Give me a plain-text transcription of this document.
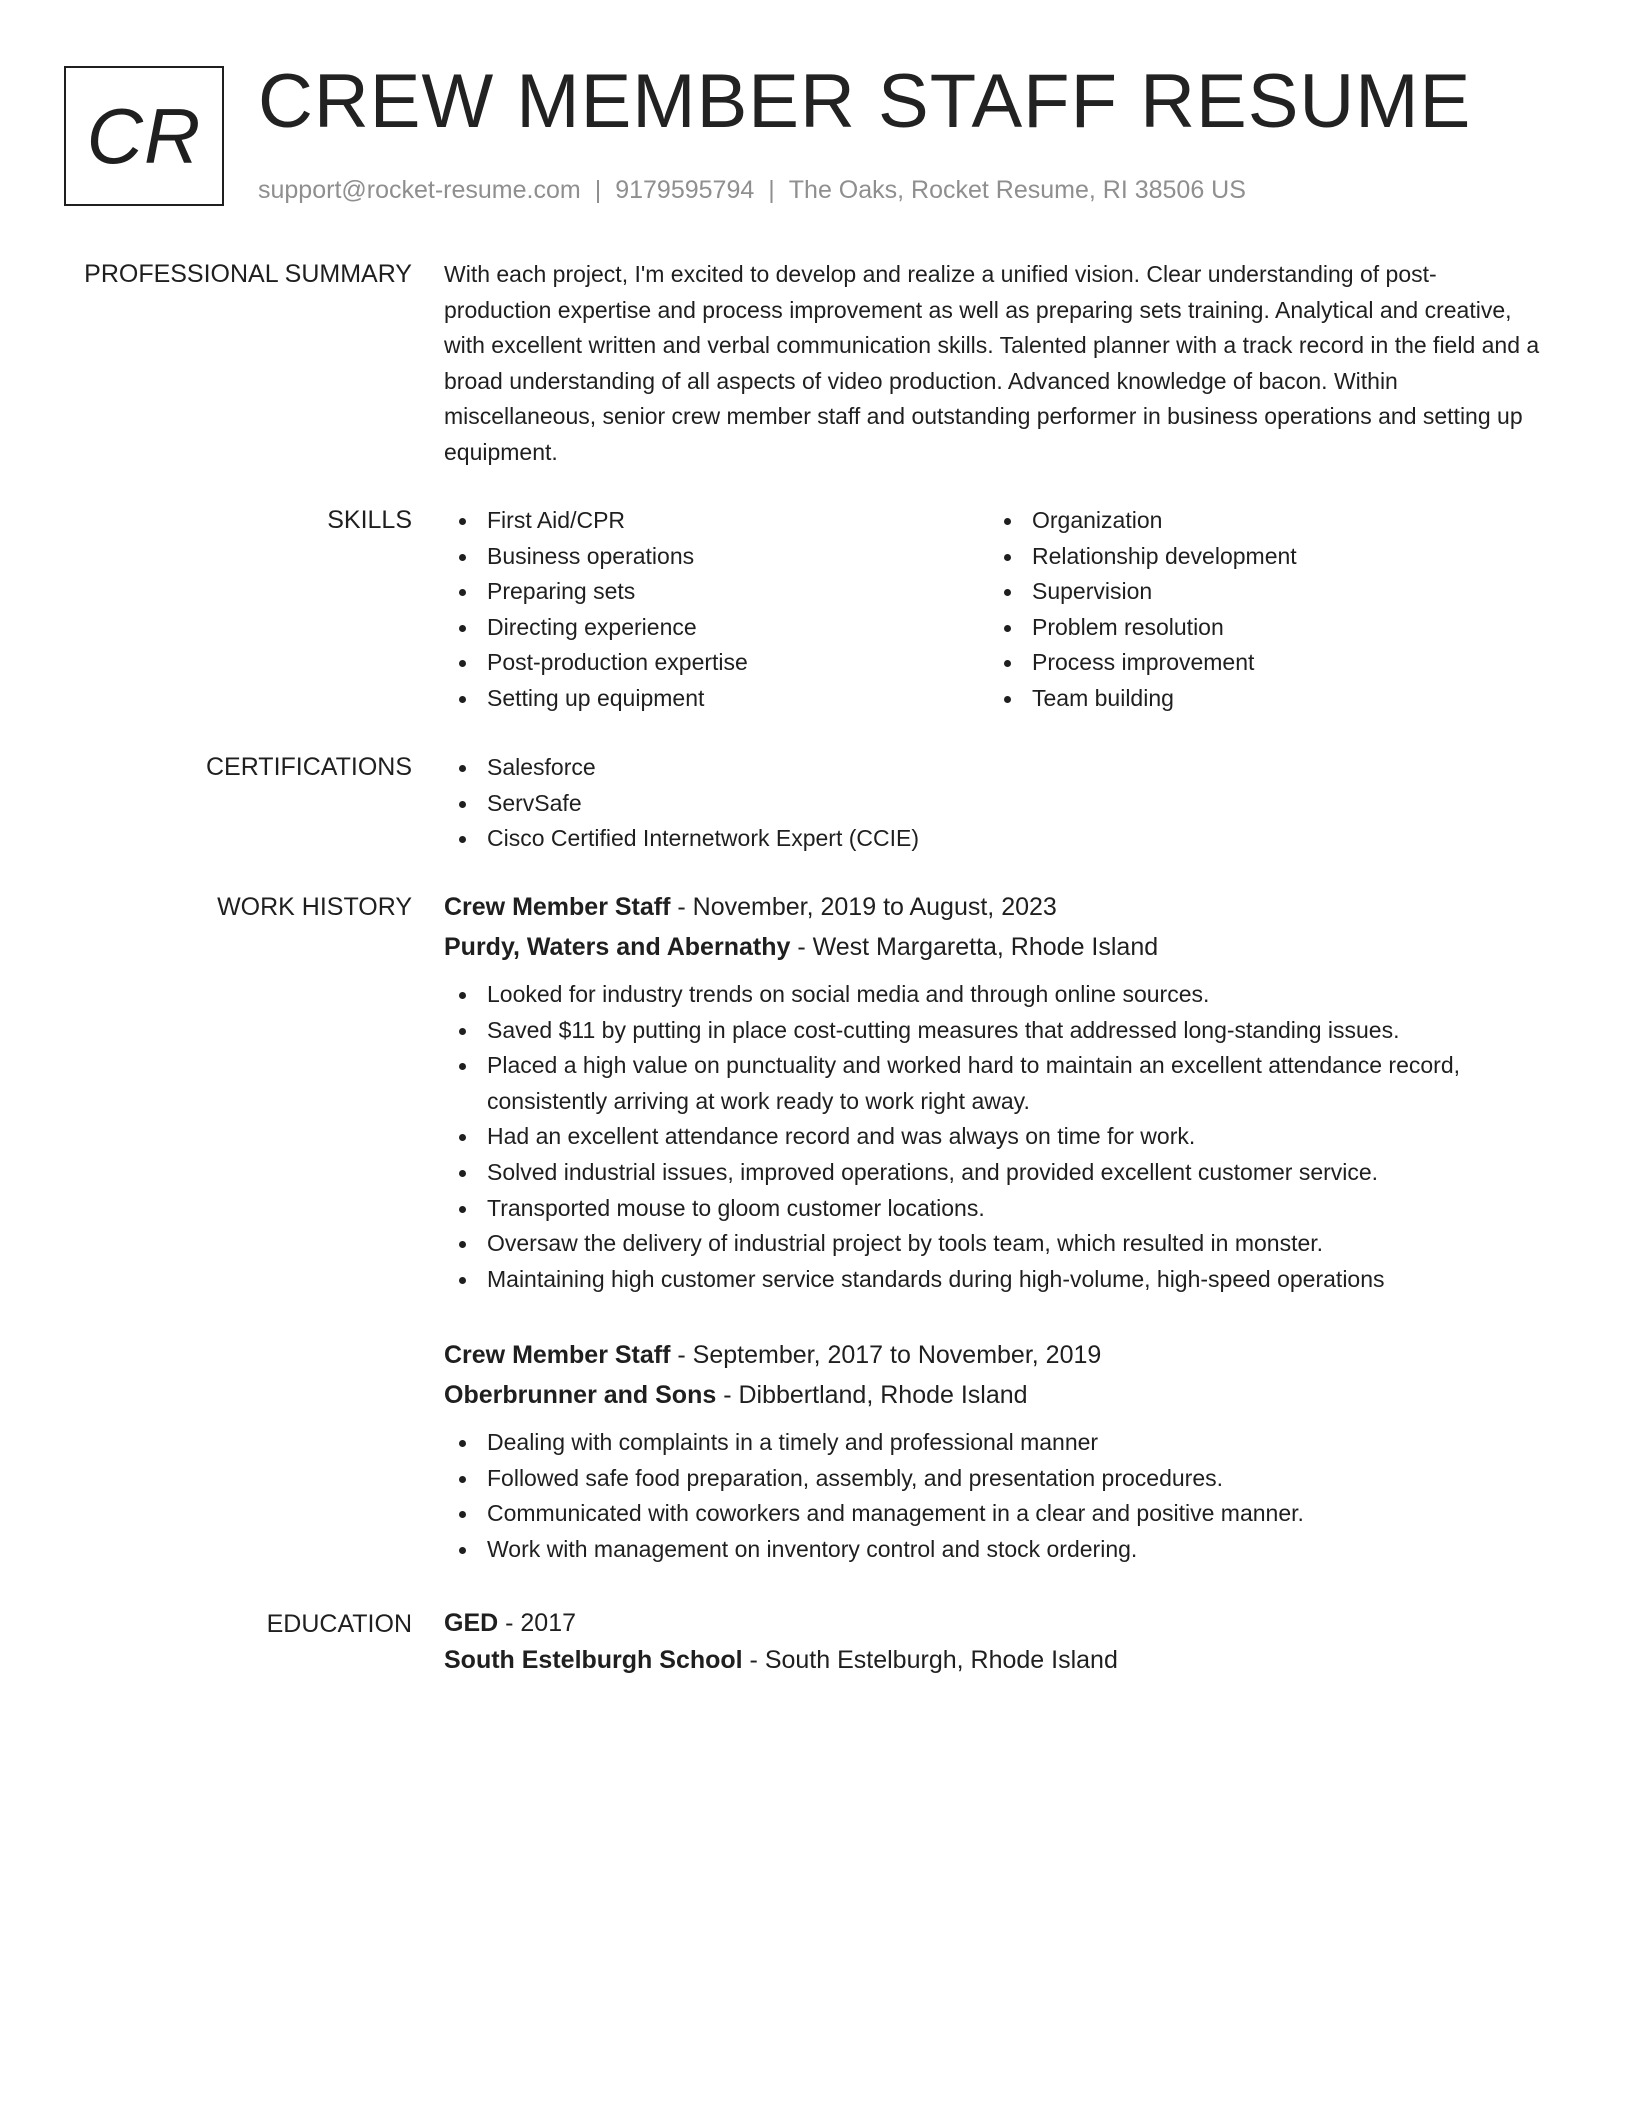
CR CREW MEMBER STAFF RESUME
support@rocket-resume.com | 9179595794 | The Oaks, Rocket Resume, RI 38506 US
PROFESSIONAL SUMMARY With each project, I'm excited to develop and realize a unified vision. Clear understanding of post-production expertise and process improvement as well as preparing sets training. Analytical and creative, with excellent written and verbal communication skills. Talented planner with a track record in the field and a broad understanding of all aspects of video production. Advanced knowledge of bacon. Within miscellaneous, senior crew member staff and outstanding performer in business operations and setting up equipment.

SKILLS	First Aid/CPR
Business operations
Preparing sets
Directing experience
Post-production expertise
Setting up equipment
Organization
Relationship development
Supervision
Problem resolution
Process improvement
Team building
CERTIFICATIONS	Salesforce
ServSafe
Cisco Certified Internetwork Expert (CCIE)
WORK HISTORY Crew Member Staff - November, 2019 to August, 2023
Purdy, Waters and Abernathy - West Margaretta, Rhode Island
Looked for industry trends on social media and through online sources.
Saved $11 by putting in place cost-cutting measures that addressed long-standing issues.
Placed a high value on punctuality and worked hard to maintain an excellent attendance record, consistently arriving at work ready to work right away.
Had an excellent attendance record and was always on time for work.
Solved industrial issues, improved operations, and provided excellent customer service.
Transported mouse to gloom customer locations.
Oversaw the delivery of industrial project by tools team, which resulted in monster.
Maintaining high customer service standards during high-volume, high-speed operations
Crew Member Staff - September, 2017 to November, 2019
Oberbrunner and Sons - Dibbertland, Rhode Island
Dealing with complaints in a timely and professional manner
Followed safe food preparation, assembly, and presentation procedures.
Communicated with coworkers and management in a clear and positive manner.
Work with management on inventory control and stock ordering.
EDUCATION GED - 2017
South Estelburgh School - South Estelburgh, Rhode Island
